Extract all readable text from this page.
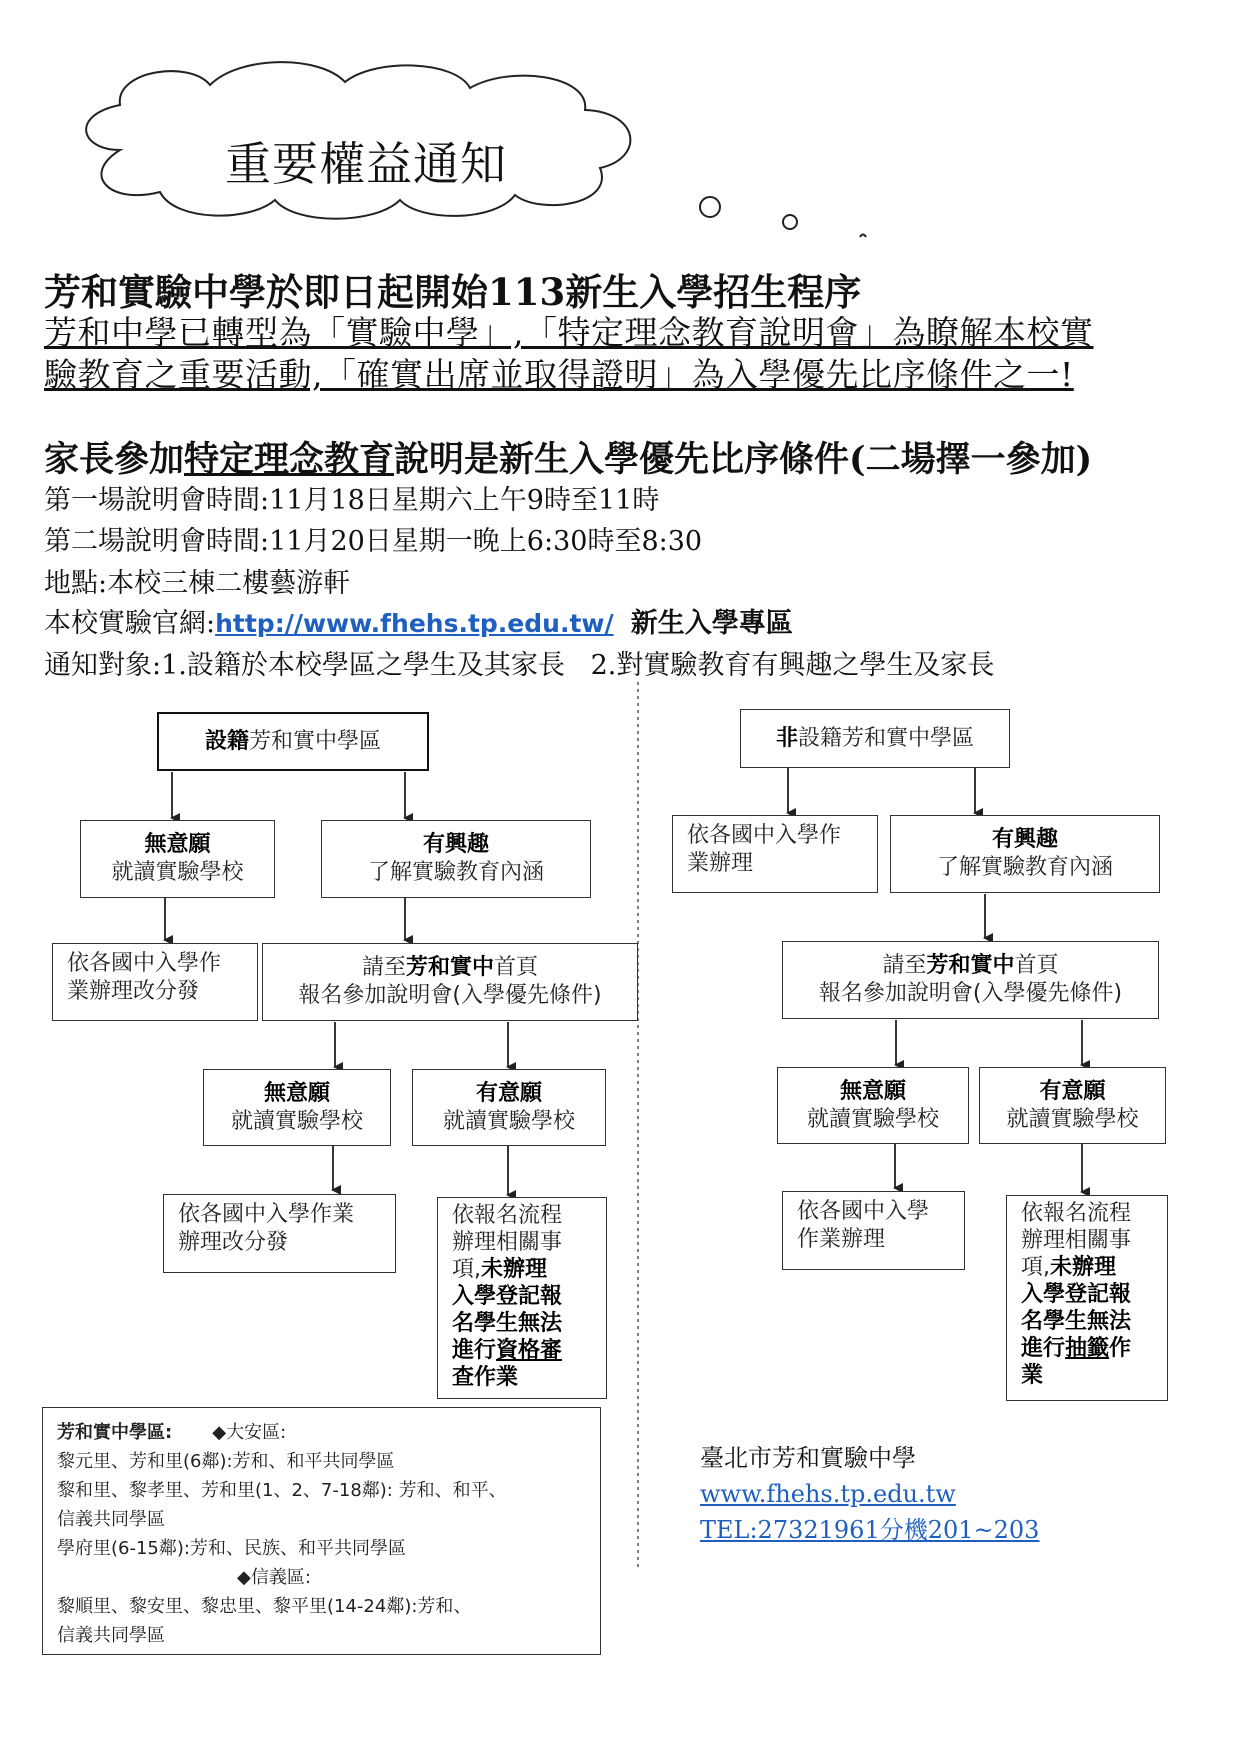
重要權益通知
芳和實驗中學於即日起開始113新生入學招生程序
芳和中學已轉型為「實驗中學」,「特定理念教育說明會」為瞭解本校實
驗教育之重要活動,「確實出席並取得證明」為入學優先比序條件之一!
家長參加特定理念教育說明是新生入學優先比序條件(二場擇一參加)
第一場說明會時間:11月18日星期六上午9時至11時
第二場說明會時間:11月20日星期一晚上6:30時至8:30
地點:本校三棟二樓藝游軒
本校實驗官網:http://www.fhehs.tp.edu.tw/ 新生入學專區
通知對象:1.設籍於本校學區之學生及其家長 2.對實驗教育有興趣之學生及家長
設籍芳和實中學區
無意願
就讀實驗學校
有興趣
了解實驗教育內涵
依各國中入學作
業辦理改分發
請至芳和實中首頁
報名參加說明會(入學優先條件)
無意願
就讀實驗學校
有意願
就讀實驗學校
依各國中入學作業
辦理改分發
依報名流程
辦理相關事
項,未辦理
入學登記報
名學生無法
進行資格審
查作業
非設籍芳和實中學區
依各國中入學作
業辦理
有興趣
了解實驗教育內涵
請至芳和實中首頁
報名參加說明會(入學優先條件)
無意願
就讀實驗學校
有意願
就讀實驗學校
依各國中入學
作業辦理
依報名流程
辦理相關事
項,未辦理
入學登記報
名學生無法
進行抽籤作
業
芳和實中學區: ◆大安區:
黎元里、芳和里(6鄰):芳和、和平共同學區
黎和里、黎孝里、芳和里(1、2、7-18鄰): 芳和、和平、
信義共同學區
學府里(6-15鄰):芳和、民族、和平共同學區
◆信義區:
黎順里、黎安里、黎忠里、黎平里(14-24鄰):芳和、
信義共同學區
臺北市芳和實驗中學
www.fhehs.tp.edu.tw
TEL:27321961分機201~203
